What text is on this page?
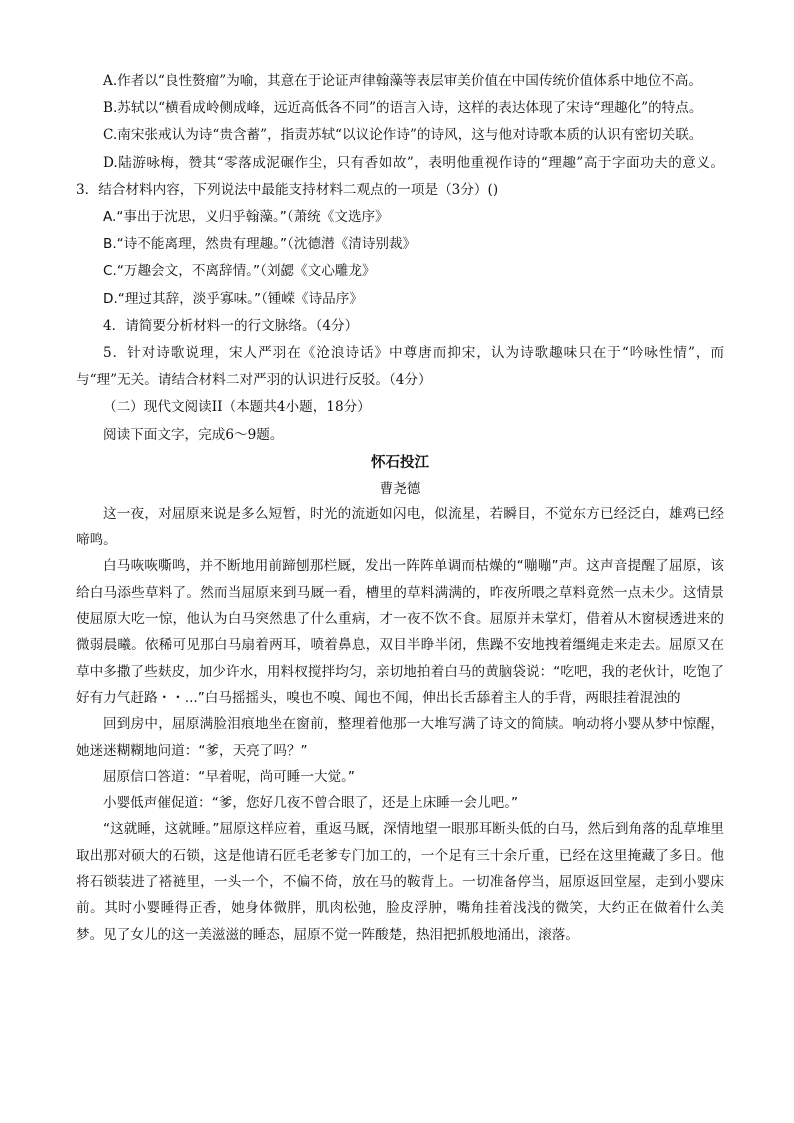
A.作者以“良性赘瘤”为喻，其意在于论证声律翰藻等表层审美价值在中国传统价值体系中地位不高。

B.苏轼以“横看成岭侧成峰，远近高低各不同”的语言入诗，这样的表达体现了宋诗“理趣化”的特点。

C.南宋张戒认为诗“贵含蓄”，指责苏轼“以议论作诗”的诗风，这与他对诗歌本质的认识有密切关联。

D.陆游咏梅，赞其“零落成泥碾作尘，只有香如故”，表明他重视作诗的“理趣”高于字面功夫的意义。3．结合材料内容，下列说法中最能支持材料二观点的一项是（3分）()

A.“事出于沈思，义归乎翰藻。”（萧统《文选序》

B.“诗不能离理，然贵有理趣。”（沈德潜《清诗别裁》

C.“万趣会文，不离辞情。”（刘勰《文心雕龙》

D.“理过其辞，淡乎寡味。”（锺嵘《诗品序》

4．请简要分析材料一的行文脉络。（4分）

5．针对诗歌说理，宋人严羽在《沧浪诗话》中尊唐而抑宋，认为诗歌趣味只在于“吟咏性情”，而与“理”无关。请结合材料二对严羽的认识进行反驳。（4分）

（二）现代文阅读II（本题共4小题，18分）

阅读下面文字，完成6～9题。

怀石投江

曹尧德

这一夜，对屈原来说是多么短暂，时光的流逝如闪电，似流星，若瞬目，不觉东方已经泛白，雄鸡已经啼鸣。

白马咴咴嘶鸣，并不断地用前蹄刨那栏厩，发出一阵阵单调而枯燥的“嘣嘣”声。这声音提醒了屈原，该给白马添些草料了。然而当屈原来到马厩一看，槽里的草料满满的，昨夜所喂之草料竟然一点未少。这情景使屈原大吃一惊，他认为白马突然患了什么重病，才一夜不饮不食。屈原并未掌灯，借着从木窗棂透进来的微弱晨曦。依稀可见那白马扇着两耳，喷着鼻息，双目半睁半闭，焦躁不安地拽着缰绳走来走去。屈原又在草中多撒了些麸皮，加少许水，用料杈搅拌均匀，亲切地拍着白马的黄脑袋说：“吃吧，我的老伙计，吃饱了好有力气赶路・・...”白马摇摇头，嗅也不嗅、闻也不闻，伸出长舌舔着主人的手背，两眼挂着混浊的

回到房中，屈原满脸泪痕地坐在窗前，整理着他那一大堆写满了诗文的简牍。响动将小婴从梦中惊醒，她迷迷糊糊地问道：“爹，天亮了吗？”

屈原信口答道：“早着呢，尚可睡一大觉。”

小婴低声催促道：“爹，您好几夜不曾合眼了，还是上床睡一会儿吧。”

“这就睡，这就睡。”屈原这样应着，重返马厩，深情地望一眼那耳断头低的白马，然后到角落的乱草堆里取出那对硕大的石锁，这是他请石匠毛老爹专门加工的，一个足有三十余斤重，已经在这里掩藏了多日。他将石锁装进了褡裢里，一头一个，不偏不倚，放在马的鞍背上。一切准备停当，屈原返回堂屋，走到小婴床前。其时小婴睡得正香，她身体微胖，肌肉松弛，脸皮浮肿，嘴角挂着浅浅的微笑，大约正在做着什么美梦。见了女儿的这一美滋滋的睡态，屈原不觉一阵酸楚，热泪把抓般地涌出，滚落。
